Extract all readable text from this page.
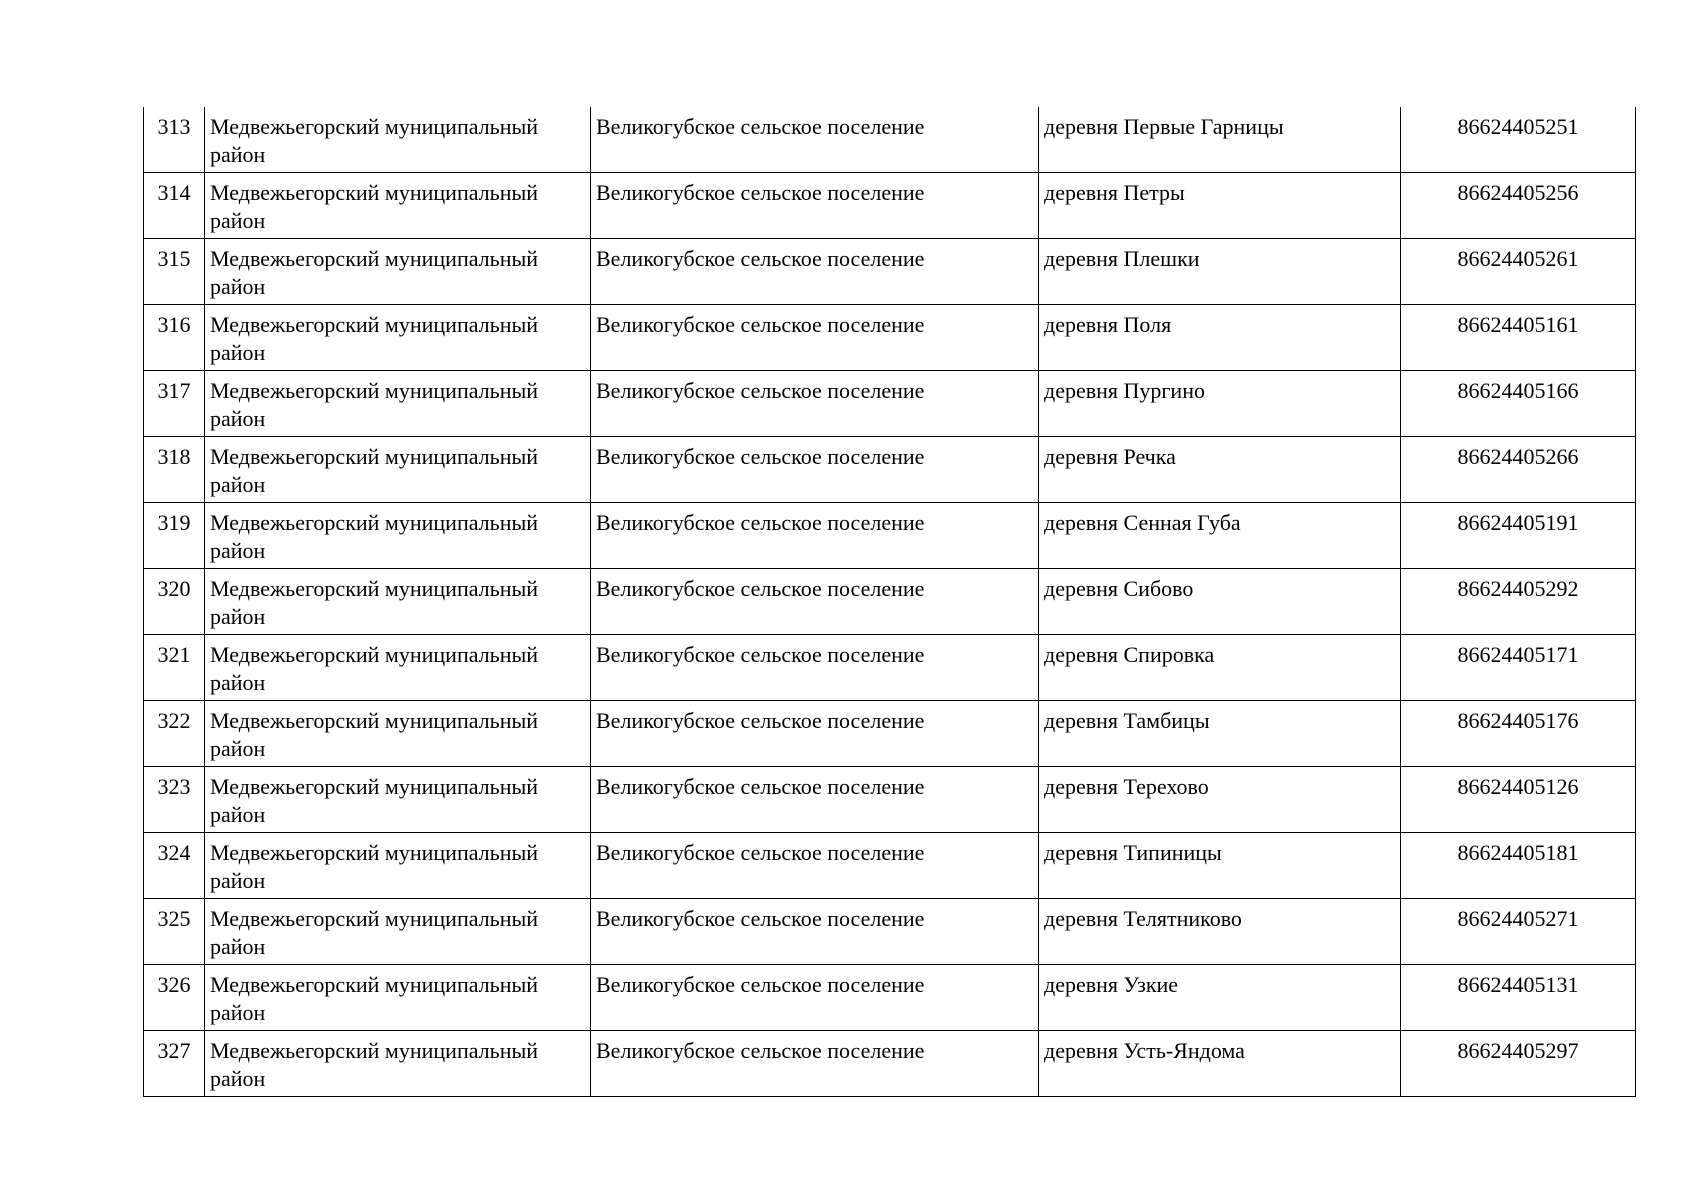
313	Медвежьегорский муниципальный район	Великогубское сельское поселение	деревня Первые Гарницы	86624405251
314	Медвежьегорский муниципальный район	Великогубское сельское поселение	деревня Петры	86624405256
315	Медвежьегорский муниципальный район	Великогубское сельское поселение	деревня Плешки	86624405261
316	Медвежьегорский муниципальный район	Великогубское сельское поселение	деревня Поля	86624405161
317	Медвежьегорский муниципальный район	Великогубское сельское поселение	деревня Пургино	86624405166
318	Медвежьегорский муниципальный район	Великогубское сельское поселение	деревня Речка	86624405266
319	Медвежьегорский муниципальный район	Великогубское сельское поселение	деревня Сенная Губа	86624405191
320	Медвежьегорский муниципальный район	Великогубское сельское поселение	деревня Сибово	86624405292
321	Медвежьегорский муниципальный район	Великогубское сельское поселение	деревня Спировка	86624405171
322	Медвежьегорский муниципальный район	Великогубское сельское поселение	деревня Тамбицы	86624405176
323	Медвежьегорский муниципальный район	Великогубское сельское поселение	деревня Терехово	86624405126
324	Медвежьегорский муниципальный район	Великогубское сельское поселение	деревня Типиницы	86624405181
325	Медвежьегорский муниципальный район	Великогубское сельское поселение	деревня Телятниково	86624405271
326	Медвежьегорский муниципальный район	Великогубское сельское поселение	деревня Узкие	86624405131
327	Медвежьегорский муниципальный район	Великогубское сельское поселение	деревня Усть-Яндома	86624405297
